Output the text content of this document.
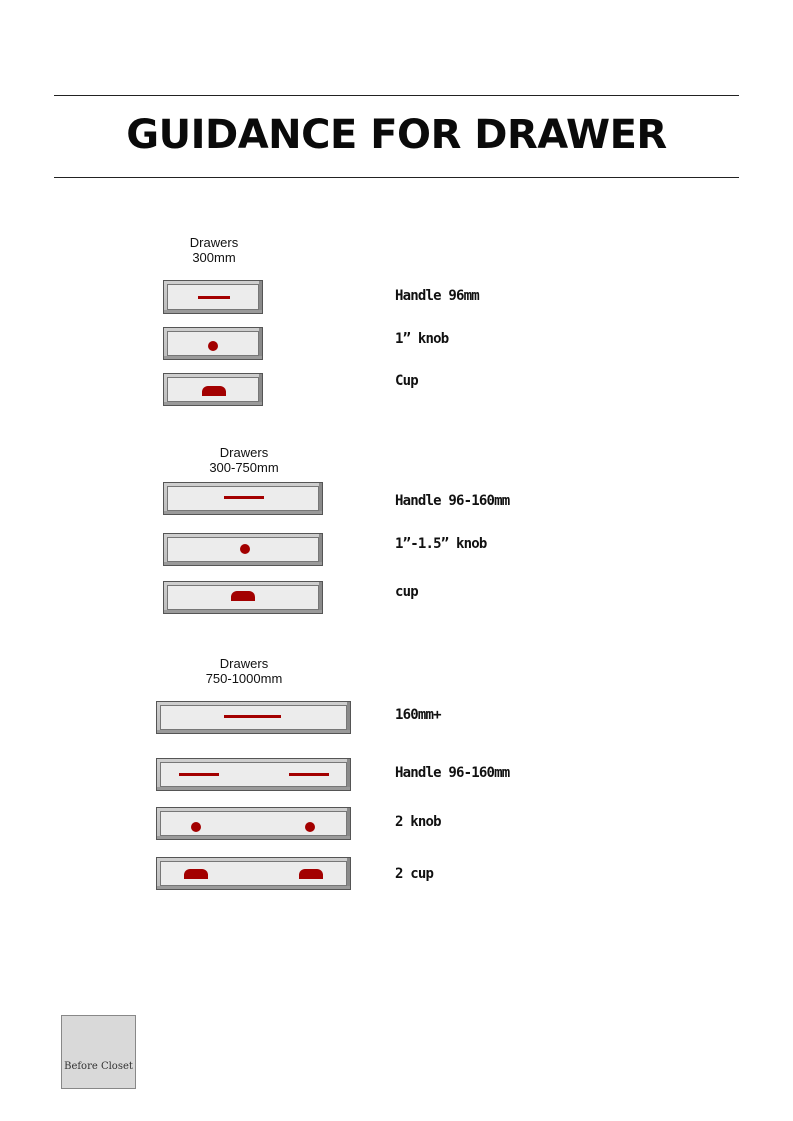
GUIDANCE FOR DRAWER
Drawers
300mm
Handle 96mm
1” knob
Cup
Drawers
300-750mm
Handle 96-160mm
1”-1.5” knob
cup
Drawers
750-1000mm
160mm+
Handle 96-160mm
2 knob
2 cup
Before Closet
